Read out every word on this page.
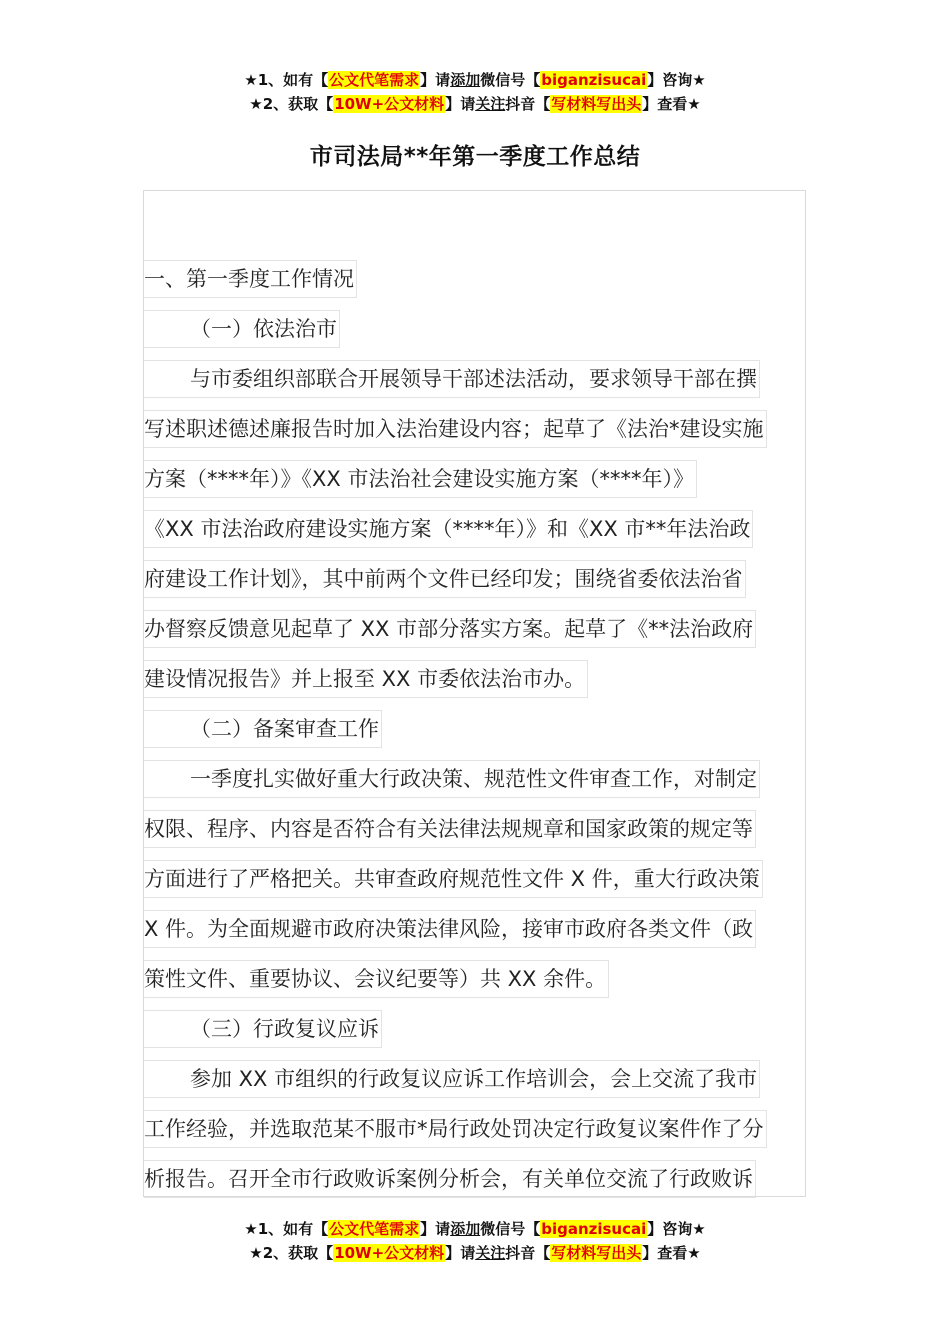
★1、如有【公文代笔需求】请添加微信号【biganzisucai】咨询★
★2、获取【10W+公文材料】请关注抖音【写材料写出头】查看★
市司法局**年第一季度工作总结
一、第一季度工作情况
（一）依法治市
与市委组织部联合开展领导干部述法活动，要求领导干部在撰
写述职述德述廉报告时加入法治建设内容；起草了《法治*建设实施
方案（****年）》《XX 市法治社会建设实施方案（****年）》
《XX 市法治政府建设实施方案（****年）》和《XX 市**年法治政
府建设工作计划》，其中前两个文件已经印发；围绕省委依法治省
办督察反馈意见起草了 XX 市部分落实方案。起草了《**法治政府
建设情况报告》并上报至 XX 市委依法治市办。
（二）备案审查工作
一季度扎实做好重大行政决策、规范性文件审查工作，对制定
权限、程序、内容是否符合有关法律法规规章和国家政策的规定等
方面进行了严格把关。共审查政府规范性文件 X 件，重大行政决策
X 件。为全面规避市政府决策法律风险，接审市政府各类文件（政
策性文件、重要协议、会议纪要等）共 XX 余件。
（三）行政复议应诉
参加 XX 市组织的行政复议应诉工作培训会，会上交流了我市
工作经验，并选取范某不服市*局行政处罚决定行政复议案件作了分
析报告。召开全市行政败诉案例分析会，有关单位交流了行政败诉
★1、如有【公文代笔需求】请添加微信号【biganzisucai】咨询★
★2、获取【10W+公文材料】请关注抖音【写材料写出头】查看★
